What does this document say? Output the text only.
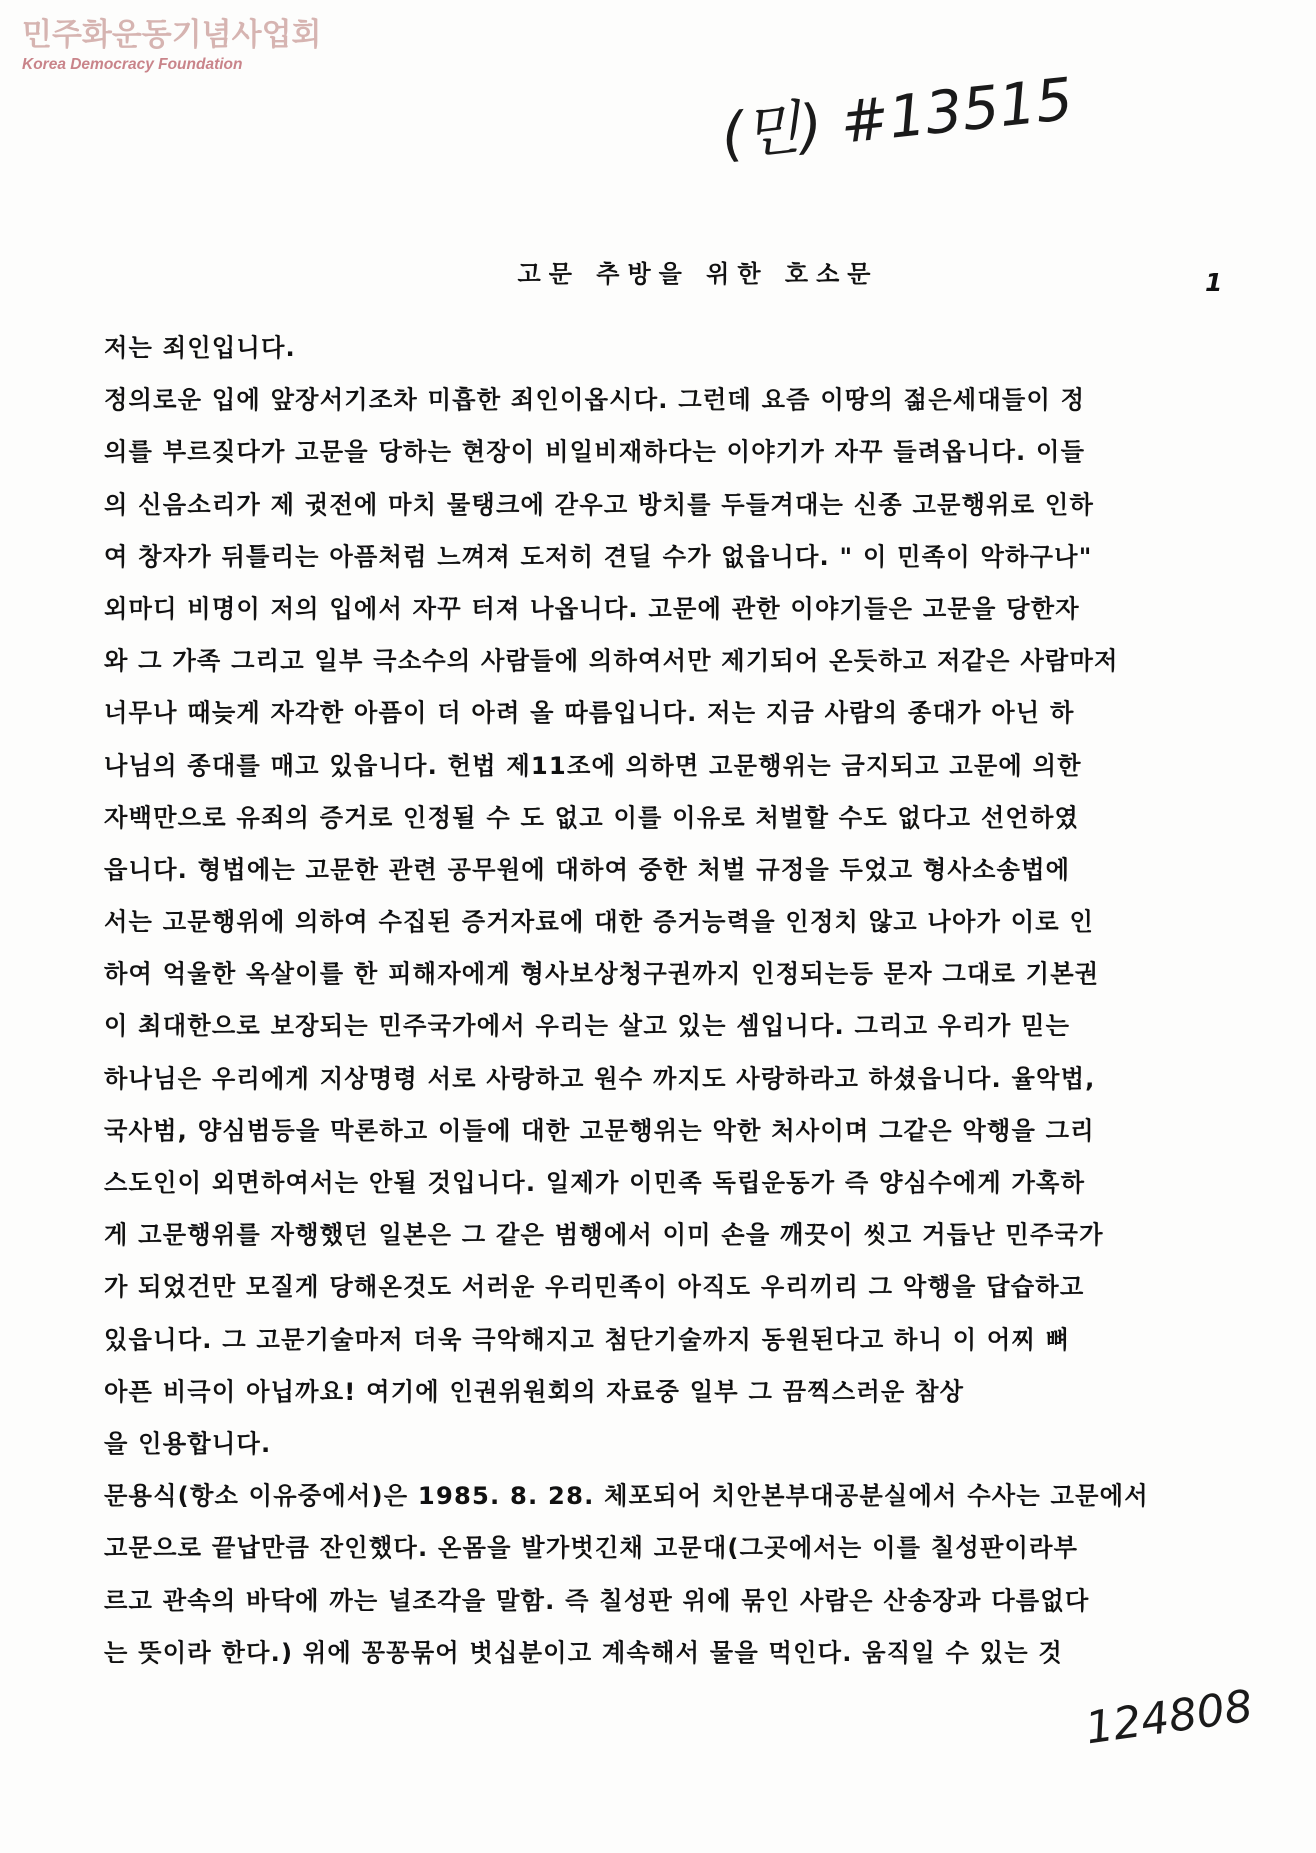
민주화운동기념사업회
Korea Democracy Foundation
(민) #13515
고문 추방을 위한 호소문	1
저는 죄인입니다.
정의로운 입에 앞장서기조차 미흡한 죄인이옵시다. 그런데 요즘 이땅의 젊은세대들이 정
의를 부르짖다가 고문을 당하는 현장이 비일비재하다는 이야기가 자꾸 들려옵니다. 이들
의 신음소리가 제 귓전에 마치 물탱크에 갇우고 방치를 두들겨대는 신종 고문행위로 인하
여 창자가 뒤틀리는 아픔처럼 느껴져 도저히 견딜 수가 없읍니다. " 이 민족이 악하구나"
외마디 비명이 저의 입에서 자꾸 터져 나옵니다. 고문에 관한 이야기들은 고문을 당한자
와 그 가족 그리고 일부 극소수의 사람들에 의하여서만 제기되어 온듯하고 저같은 사람마저
너무나 때늦게 자각한 아픔이 더 아려 올 따름입니다. 저는 지금 사람의 종대가 아닌 하
나님의 종대를 매고 있읍니다. 헌법 제11조에 의하면 고문행위는 금지되고 고문에 의한
자백만으로 유죄의 증거로 인정될 수 도 없고 이를 이유로 처벌할 수도 없다고 선언하였
읍니다. 형법에는 고문한 관련 공무원에 대하여 중한 처벌 규정을 두었고 형사소송법에
서는 고문행위에 의하여 수집된 증거자료에 대한 증거능력을 인정치 않고 나아가 이로 인
하여 억울한 옥살이를 한 피해자에게 형사보상청구권까지 인정되는등 문자 그대로 기본권
이 최대한으로 보장되는 민주국가에서 우리는 살고 있는 셈입니다. 그리고 우리가 믿는
하나님은 우리에게 지상명령 서로 사랑하고 원수 까지도 사랑하라고 하셨읍니다. 율악법,
국사범, 양심범등을 막론하고 이들에 대한 고문행위는 악한 처사이며 그같은 악행을 그리
스도인이 외면하여서는 안될 것입니다. 일제가 이민족 독립운동가 즉 양심수에게 가혹하
게 고문행위를 자행했던 일본은 그 같은 범행에서 이미 손을 깨끗이 씻고 거듭난 민주국가
가 되었건만 모질게 당해온것도 서러운 우리민족이 아직도 우리끼리 그 악행을 답습하고
있읍니다. 그 고문기술마저 더욱 극악해지고 첨단기술까지 동원된다고 하니 이 어찌 뼈
아픈 비극이 아닙까요! 여기에 인권위원회의 자료중 일부 그 끔찍스러운 참상
을 인용합니다.
문용식(항소 이유중에서)은 1985. 8. 28. 체포되어 치안본부대공분실에서 수사는 고문에서
고문으로 끝납만큼 잔인했다. 온몸을 발가벗긴채 고문대(그곳에서는 이를 칠성판이라부
르고 관속의 바닥에 까는 널조각을 말함. 즉 칠성판 위에 묶인 사람은 산송장과 다름없다
는 뜻이라 한다.) 위에 꽁꽁묶어 벗십분이고 계속해서 물을 먹인다. 움직일 수 있는 것
124808
